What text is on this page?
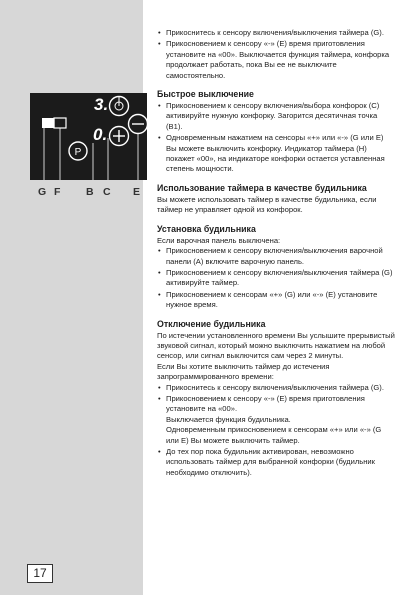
3.
0.
P
G F B C E
17
• Прикоснитесь к сенсору включения/выключения таймера (G).
• Прикосновением к сенсору «-» (E) время приготовления установите на «00». Выключается функция таймера, конфорка продолжает работать, пока Вы ее не выключите самостоятельно.
Быстрое выключение
• Прикосновением к сенсору включения/выбора конфорок (C) активируйте нужную конфорку. Загорится десятичная точка (B1).
• Одновременным нажатием на сенсоры «+» или «-» (G или E) Вы можете выключить конфорку. Индикатор таймера (H) покажет «00», на индикаторе конфорки остается уставленная степень мощности.
Использование таймера в качестве будильника

Вы можете использовать таймер в качестве будильника, если таймер не управляет одной из конфорок.

Установка будильника

Если варочная панель выключена:

• Прикосновением к сенсору включения/выключения варочной панели (A) включите варочную панель.
• Прикосновением к сенсору включения/выключения таймера (G) активируйте таймер.
• Прикосновением к сенсорам «+» (G) или «-» (E) установите нужное время.
Отключение будильника

По истечении установленного времени Вы услышите прерывистый звуковой сигнал, который можно выключить нажатием на любой сенсор, или сигнал выключится сам через 2 минуты.
Если Вы хотите выключить таймер до истечения запрограммированного времени:

• Прикоснитесь к сенсору включения/выключения таймера (G).
• Прикосновением к сенсору «-» (E) время приготовления установите на «00».
Выключается функция будильника.
Одновременным прикосновением к сенсорам «+» или «-» (G или E) Вы можете выключить таймер.
• До тех пор пока будильник активирован, невозможно использовать таймер для выбранной конфорки (будильник необходимо отключить).
